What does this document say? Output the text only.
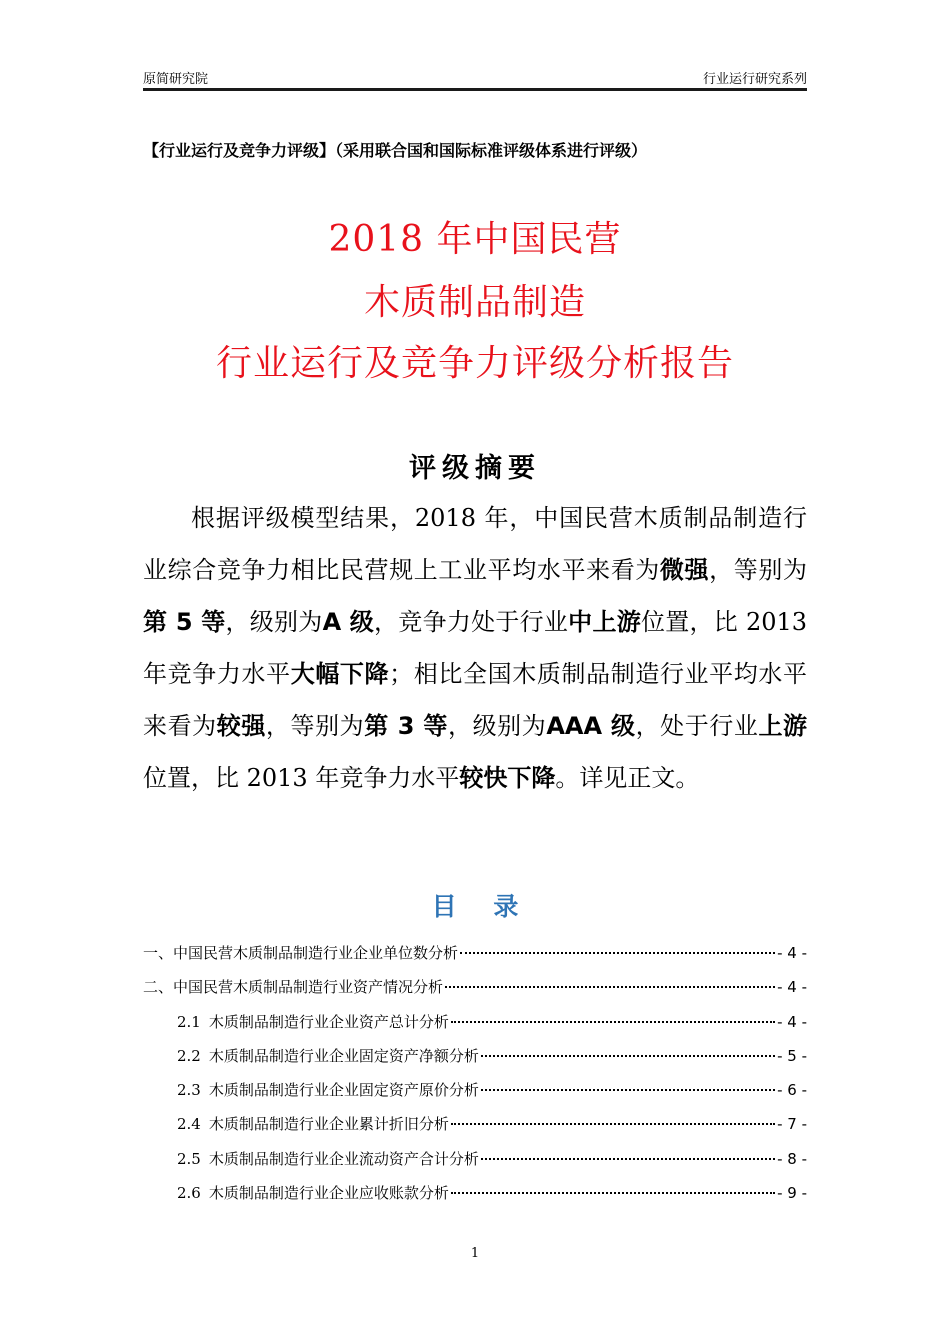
原简研究院	行业运行研究系列
【行业运行及竞争力评级】（采用联合国和国际标准评级体系进行评级）
2018 年中国民营
木质制品制造
行业运行及竞争力评级分析报告
评级摘要
根据评级模型结果，2018 年，中国民营木质制品制造行业综合竞争力相比民营规上工业平均水平来看为微强，等别为第 5 等，级别为A 级，竞争力处于行业中上游位置，比 2013 年竞争力水平大幅下降；相比全国木质制品制造行业平均水平来看为较强，等别为第 3 等，级别为AAA 级，处于行业上游位置，比 2013 年竞争力水平较快下降。详见正文。
目 录
一、中国民营木质制品制造行业企业单位数分析	- 4 -
二、中国民营木质制品制造行业资产情况分析	- 4 -
2.1 木质制品制造行业企业资产总计分析	- 4 -
2.2 木质制品制造行业企业固定资产净额分析	- 5 -
2.3 木质制品制造行业企业固定资产原价分析	- 6 -
2.4 木质制品制造行业企业累计折旧分析	- 7 -
2.5 木质制品制造行业企业流动资产合计分析	- 8 -
2.6 木质制品制造行业企业应收账款分析	- 9 -
1
